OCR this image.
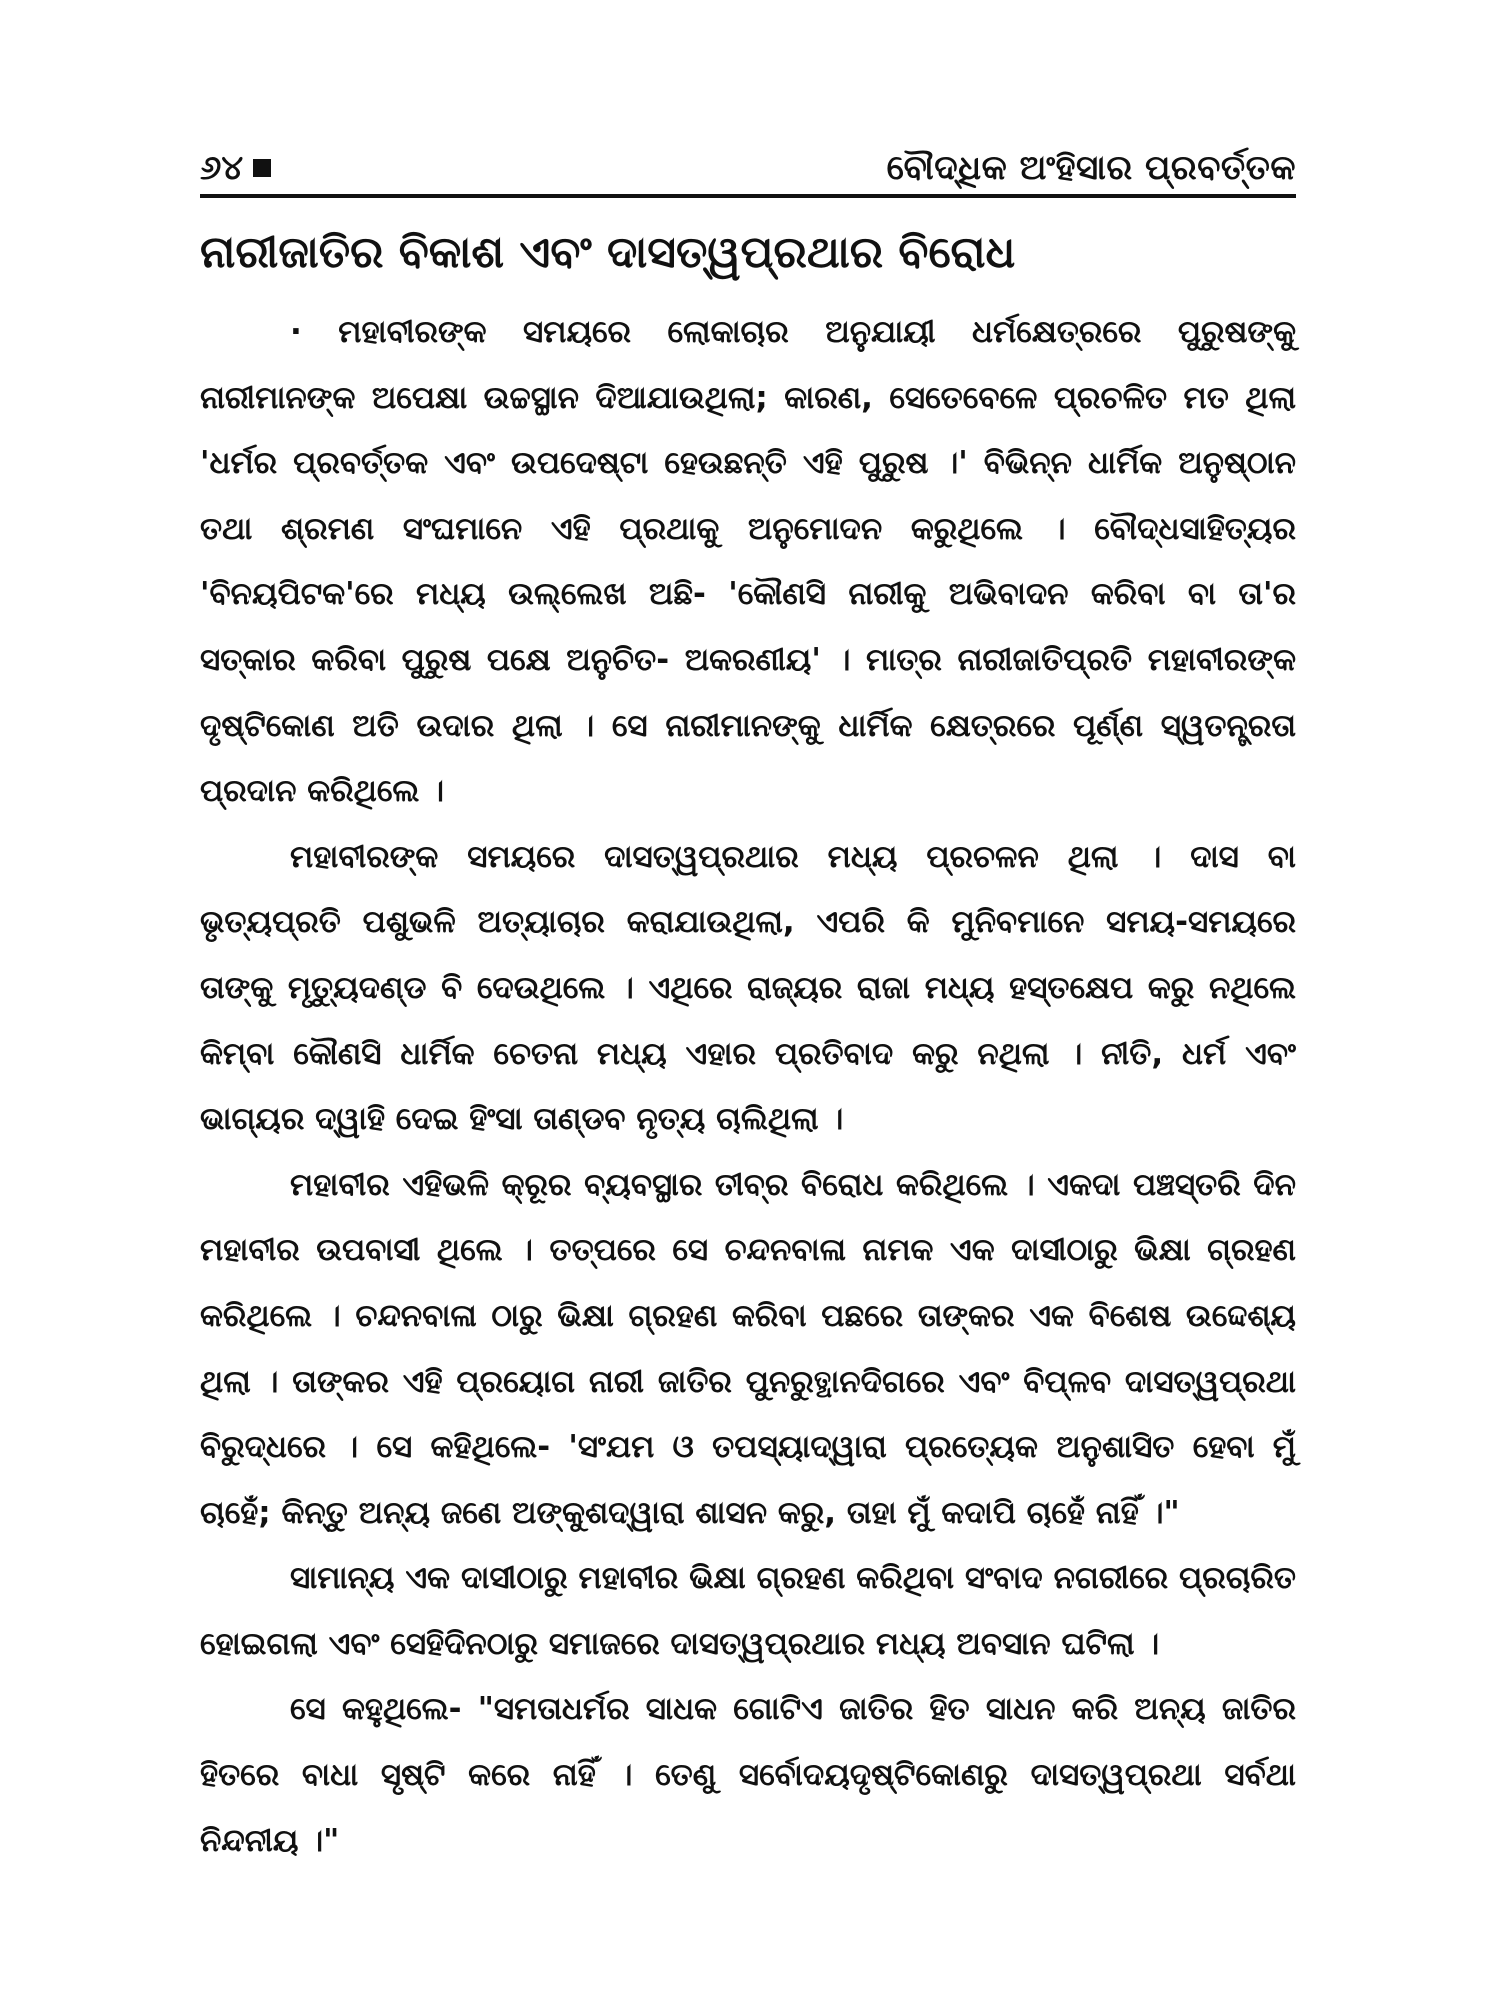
୬୪	ବୌଦ୍ଧିକ ଅଂହିସାର ପ୍ରବର୍ତ୍ତକ
ନାରୀଜାତିର ବିକାଶ ଏବଂ ଦାସତ୍ୱପ୍ରଥାର ବିରୋଧ

· ମହାବୀରଙ୍କ ସମୟରେ ଲୋକାଚାର ଅନୁଯାୟୀ ଧର୍ମକ୍ଷେତ୍ରରେ ପୁରୁଷଙ୍କୁ ନାରୀମାନଙ୍କ ଅପେକ୍ଷା ଉଚ୍ଚସ୍ଥାନ ଦିଆଯାଉଥିଲା; କାରଣ, ସେତେବେଳେ ପ୍ରଚଳିତ ମତ ଥିଲା 'ଧର୍ମର ପ୍ରବର୍ତ୍ତକ ଏବଂ ଉପଦେଷ୍ଟା ହେଉଛନ୍ତି ଏହି ପୁରୁଷ ।' ବିଭିନ୍ନ ଧାର୍ମିକ ଅନୁଷ୍ଠାନ ତଥା ଶ୍ରମଣ ସଂଘମାନେ ଏହି ପ୍ରଥାକୁ ଅନୁମୋଦନ କରୁଥିଲେ । ବୌଦ୍ଧସାହିତ୍ୟର 'ବିନୟପିଟକ'ରେ ମଧ୍ୟ ଉଲ୍ଲେଖ ଅଛି- 'କୌଣସି ନାରୀକୁ ଅଭିବାଦନ କରିବା ବା ତା'ର ସତ୍କାର କରିବା ପୁରୁଷ ପକ୍ଷେ ଅନୁଚିତ- ଅକରଣୀୟ' । ମାତ୍ର ନାରୀଜାତିପ୍ରତି ମହାବୀରଙ୍କ ଦୃଷ୍ଟିକୋଣ ଅତି ଉଦାର ଥିଲା । ସେ ନାରୀମାନଙ୍କୁ ଧାର୍ମିକ କ୍ଷେତ୍ରରେ ପୂର୍ଣ୍ଣ ସ୍ୱତନ୍ତ୍ରତା ପ୍ରଦାନ କରିଥିଲେ ।

ମହାବୀରଙ୍କ ସମୟରେ ଦାସତ୍ୱପ୍ରଥାର ମଧ୍ୟ ପ୍ରଚଳନ ଥିଲା । ଦାସ ବା ଭୃତ୍ୟପ୍ରତି ପଶୁଭଳି ଅତ୍ୟାଚାର କରାଯାଉଥିଲା, ଏପରି କି ମୁନିବମାନେ ସମୟ-ସମୟରେ ତାଙ୍କୁ ମୃତ୍ୟୁଦଣ୍ଡ ବି ଦେଉଥିଲେ । ଏଥିରେ ରାଜ୍ୟର ରାଜା ମଧ୍ୟ ହସ୍ତକ୍ଷେପ କରୁ ନଥିଲେ କିମ୍ବା କୌଣସି ଧାର୍ମିକ ଚେତନା ମଧ୍ୟ ଏହାର ପ୍ରତିବାଦ କରୁ ନଥିଲା । ନୀତି, ଧର୍ମ ଏବଂ ଭାଗ୍ୟର ଦ୍ୱାହି ଦେଇ ହିଂସା ତାଣ୍ଡବ ନୃତ୍ୟ ଚାଲିଥିଲା ।

ମହାବୀର ଏହିଭଳି କ୍ରୂର ବ୍ୟବସ୍ଥାର ତୀବ୍ର ବିରୋଧ କରିଥିଲେ । ଏକଦା ପଞ୍ଚସ୍ତରି ଦିନ ମହାବୀର ଉପବାସୀ ଥିଲେ । ତତ୍ପରେ ସେ ଚନ୍ଦନବାଳା ନାମକ ଏକ ଦାସୀଠାରୁ ଭିକ୍ଷା ଗ୍ରହଣ କରିଥିଲେ । ଚନ୍ଦନବାଳା ଠାରୁ ଭିକ୍ଷା ଗ୍ରହଣ କରିବା ପଛରେ ତାଙ୍କର ଏକ ବିଶେଷ ଉଦ୍ଦେଶ୍ୟ ଥିଲା । ତାଙ୍କର ଏହି ପ୍ରୟୋଗ ନାରୀ ଜାତିର ପୁନରୁତ୍ଥାନଦିଗରେ ଏବଂ ବିପ୍ଳବ ଦାସତ୍ୱପ୍ରଥା ବିରୁଦ୍ଧରେ । ସେ କହିଥିଲେ- 'ସଂଯମ ଓ ତପସ୍ୟାଦ୍ୱାରା ପ୍ରତ୍ୟେକ ଅନୁଶାସିତ ହେବା ମୁଁ ଚାହେଁ; କିନ୍ତୁ ଅନ୍ୟ ଜଣେ ଅଙ୍କୁଶଦ୍ୱାରା ଶାସନ କରୁ, ତାହା ମୁଁ କଦାପି ଚାହେଁ ନାହିଁ ।"

ସାମାନ୍ୟ ଏକ ଦାସୀଠାରୁ ମହାବୀର ଭିକ୍ଷା ଗ୍ରହଣ କରିଥିବା ସଂବାଦ ନଗରୀରେ ପ୍ରଚାରିତ ହୋଇଗଲା ଏବଂ ସେହିଦିନଠାରୁ ସମାଜରେ ଦାସତ୍ୱପ୍ରଥାର ମଧ୍ୟ ଅବସାନ ଘଟିଲା ।

ସେ କହୁଥିଲେ- "ସମତାଧର୍ମର ସାଧକ ଗୋଟିଏ ଜାତିର ହିତ ସାଧନ କରି ଅନ୍ୟ ଜାତିର ହିତରେ ବାଧା ସୃଷ୍ଟି କରେ ନାହିଁ । ତେଣୁ ସର୍ବୋଦୟଦୃଷ୍ଟିକୋଣରୁ ଦାସତ୍ୱପ୍ରଥା ସର୍ବଥା ନିନ୍ଦନୀୟ ।"
